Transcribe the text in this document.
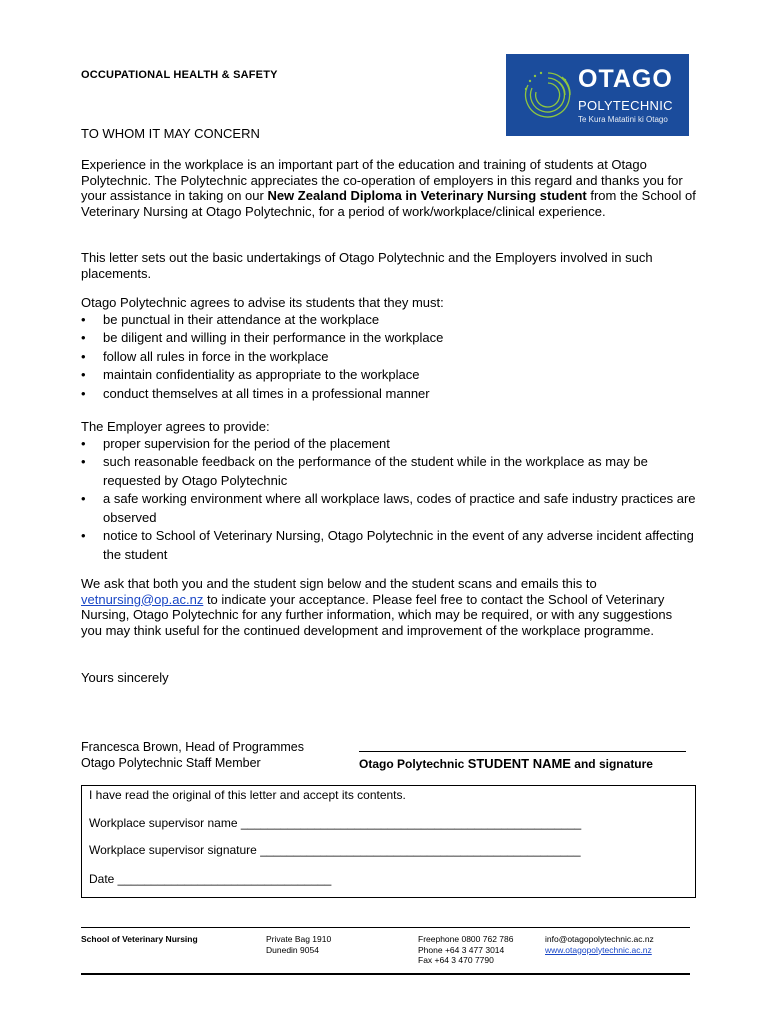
OCCUPATIONAL HEALTH & SAFETY	OTAGO
POLYTECHNIC
Te Kura Matatini ki Otago
TO WHOM IT MAY CONCERN
Experience in the workplace is an important part of the education and training of students at Otago Polytechnic. The Polytechnic appreciates the co-operation of employers in this regard and thanks you for your assistance in taking on our New Zealand Diploma in Veterinary Nursing student from the School of Veterinary Nursing at Otago Polytechnic, for a period of work/workplace/clinical experience.
This letter sets out the basic undertakings of Otago Polytechnic and the Employers involved in such placements.
Otago Polytechnic agrees to advise its students that they must:
• be punctual in their attendance at the workplace
• be diligent and willing in their performance in the workplace
• follow all rules in force in the workplace
• maintain confidentiality as appropriate to the workplace
• conduct themselves at all times in a professional manner
The Employer agrees to provide:
• proper supervision for the period of the placement
• such reasonable feedback on the performance of the student while in the workplace as may be requested by Otago Polytechnic
• a safe working environment where all workplace laws, codes of practice and safe industry practices are observed
• notice to School of Veterinary Nursing, Otago Polytechnic in the event of any adverse incident affecting the student
We ask that both you and the student sign below and the student scans and emails this to vetnursing@op.ac.nz to indicate your acceptance. Please feel free to contact the School of Veterinary Nursing, Otago Polytechnic for any further information, which may be required, or with any suggestions you may think useful for the continued development and improvement of the workplace programme.
Yours sincerely
Francesca Brown, Head of Programmes
Otago Polytechnic Staff Member	Otago Polytechnic STUDENT NAME and signature
I have read the original of this letter and accept its contents.
Workplace supervisor name ___________________________________________________
Workplace supervisor signature ________________________________________________
Date ________________________________
School of Veterinary Nursing	Private Bag 1910
Dunedin 9054
Freephone 0800 762 786
Phone +64 3 477 3014
Fax +64 3 470 7790
info@otagopolytechnic.ac.nz
www.otagopolytechnic.ac.nz
